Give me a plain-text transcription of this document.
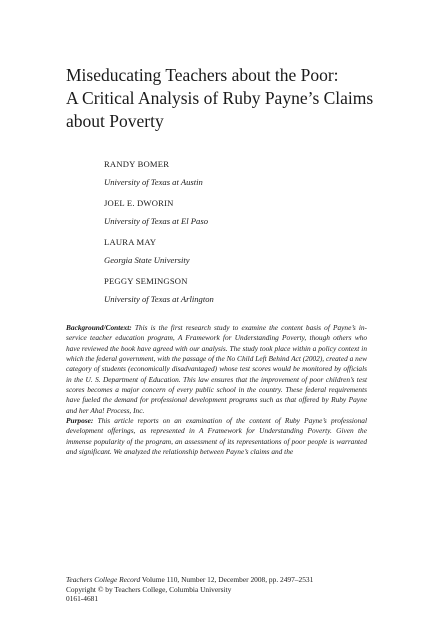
Miseducating Teachers about the Poor:
A Critical Analysis of Ruby Payne’s Claims
about Poverty
RANDY BOMER
University of Texas at Austin
JOEL E. DWORIN
University of Texas at El Paso
LAURA MAY
Georgia State University
PEGGY SEMINGSON
University of Texas at Arlington

Background/Context: This is the first research study to examine the content basis of Payne’s in-service teacher education program, A Framework for Understanding Poverty, though others who have reviewed the book have agreed with our analysis. The study took place within a policy context in which the federal government, with the passage of the No Child Left Behind Act (2002), created a new category of students (economically disadvantaged) whose test scores would be monitored by officials in the U. S. Department of Education. This law ensures that the improvement of poor children’s test scores becomes a major concern of every public school in the country. These federal requirements have fueled the demand for professional development programs such as that offered by Ruby Payne and her Aha! Process, Inc.
Purpose: This article reports on an examination of the content of Ruby Payne’s professional development offerings, as represented in A Framework for Understanding Poverty. Given the immense popularity of the program, an assessment of its representations of poor people is warranted and significant. We analyzed the relationship between Payne’s claims and the

Teachers College Record Volume 110, Number 12, December 2008, pp. 2497–2531
Copyright © by Teachers College, Columbia University
0161-4681
